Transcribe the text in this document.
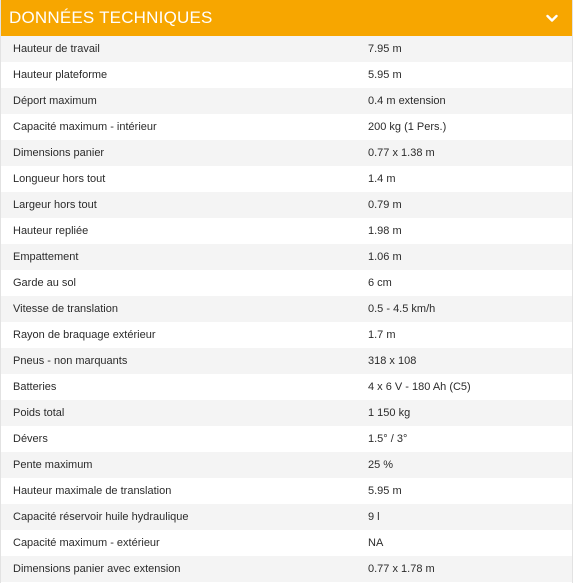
DONNÉES TECHNIQUES
Hauteur de travail	7.95 m
Hauteur plateforme	5.95 m
Déport maximum	0.4 m extension
Capacité maximum - intérieur	200 kg (1 Pers.)
Dimensions panier	0.77 x 1.38 m
Longueur hors tout	1.4 m
Largeur hors tout	0.79 m
Hauteur repliée	1.98 m
Empattement	1.06 m
Garde au sol	6 cm
Vitesse de translation	0.5 - 4.5 km/h
Rayon de braquage extérieur	1.7 m
Pneus - non marquants	318 x 108
Batteries	4 x 6 V - 180 Ah (C5)
Poids total	1 150 kg
Dévers	1.5° / 3°
Pente maximum	25 %
Hauteur maximale de translation	5.95 m
Capacité réservoir huile hydraulique	9 l
Capacité maximum - extérieur	NA
Dimensions panier avec extension	0.77 x 1.78 m
